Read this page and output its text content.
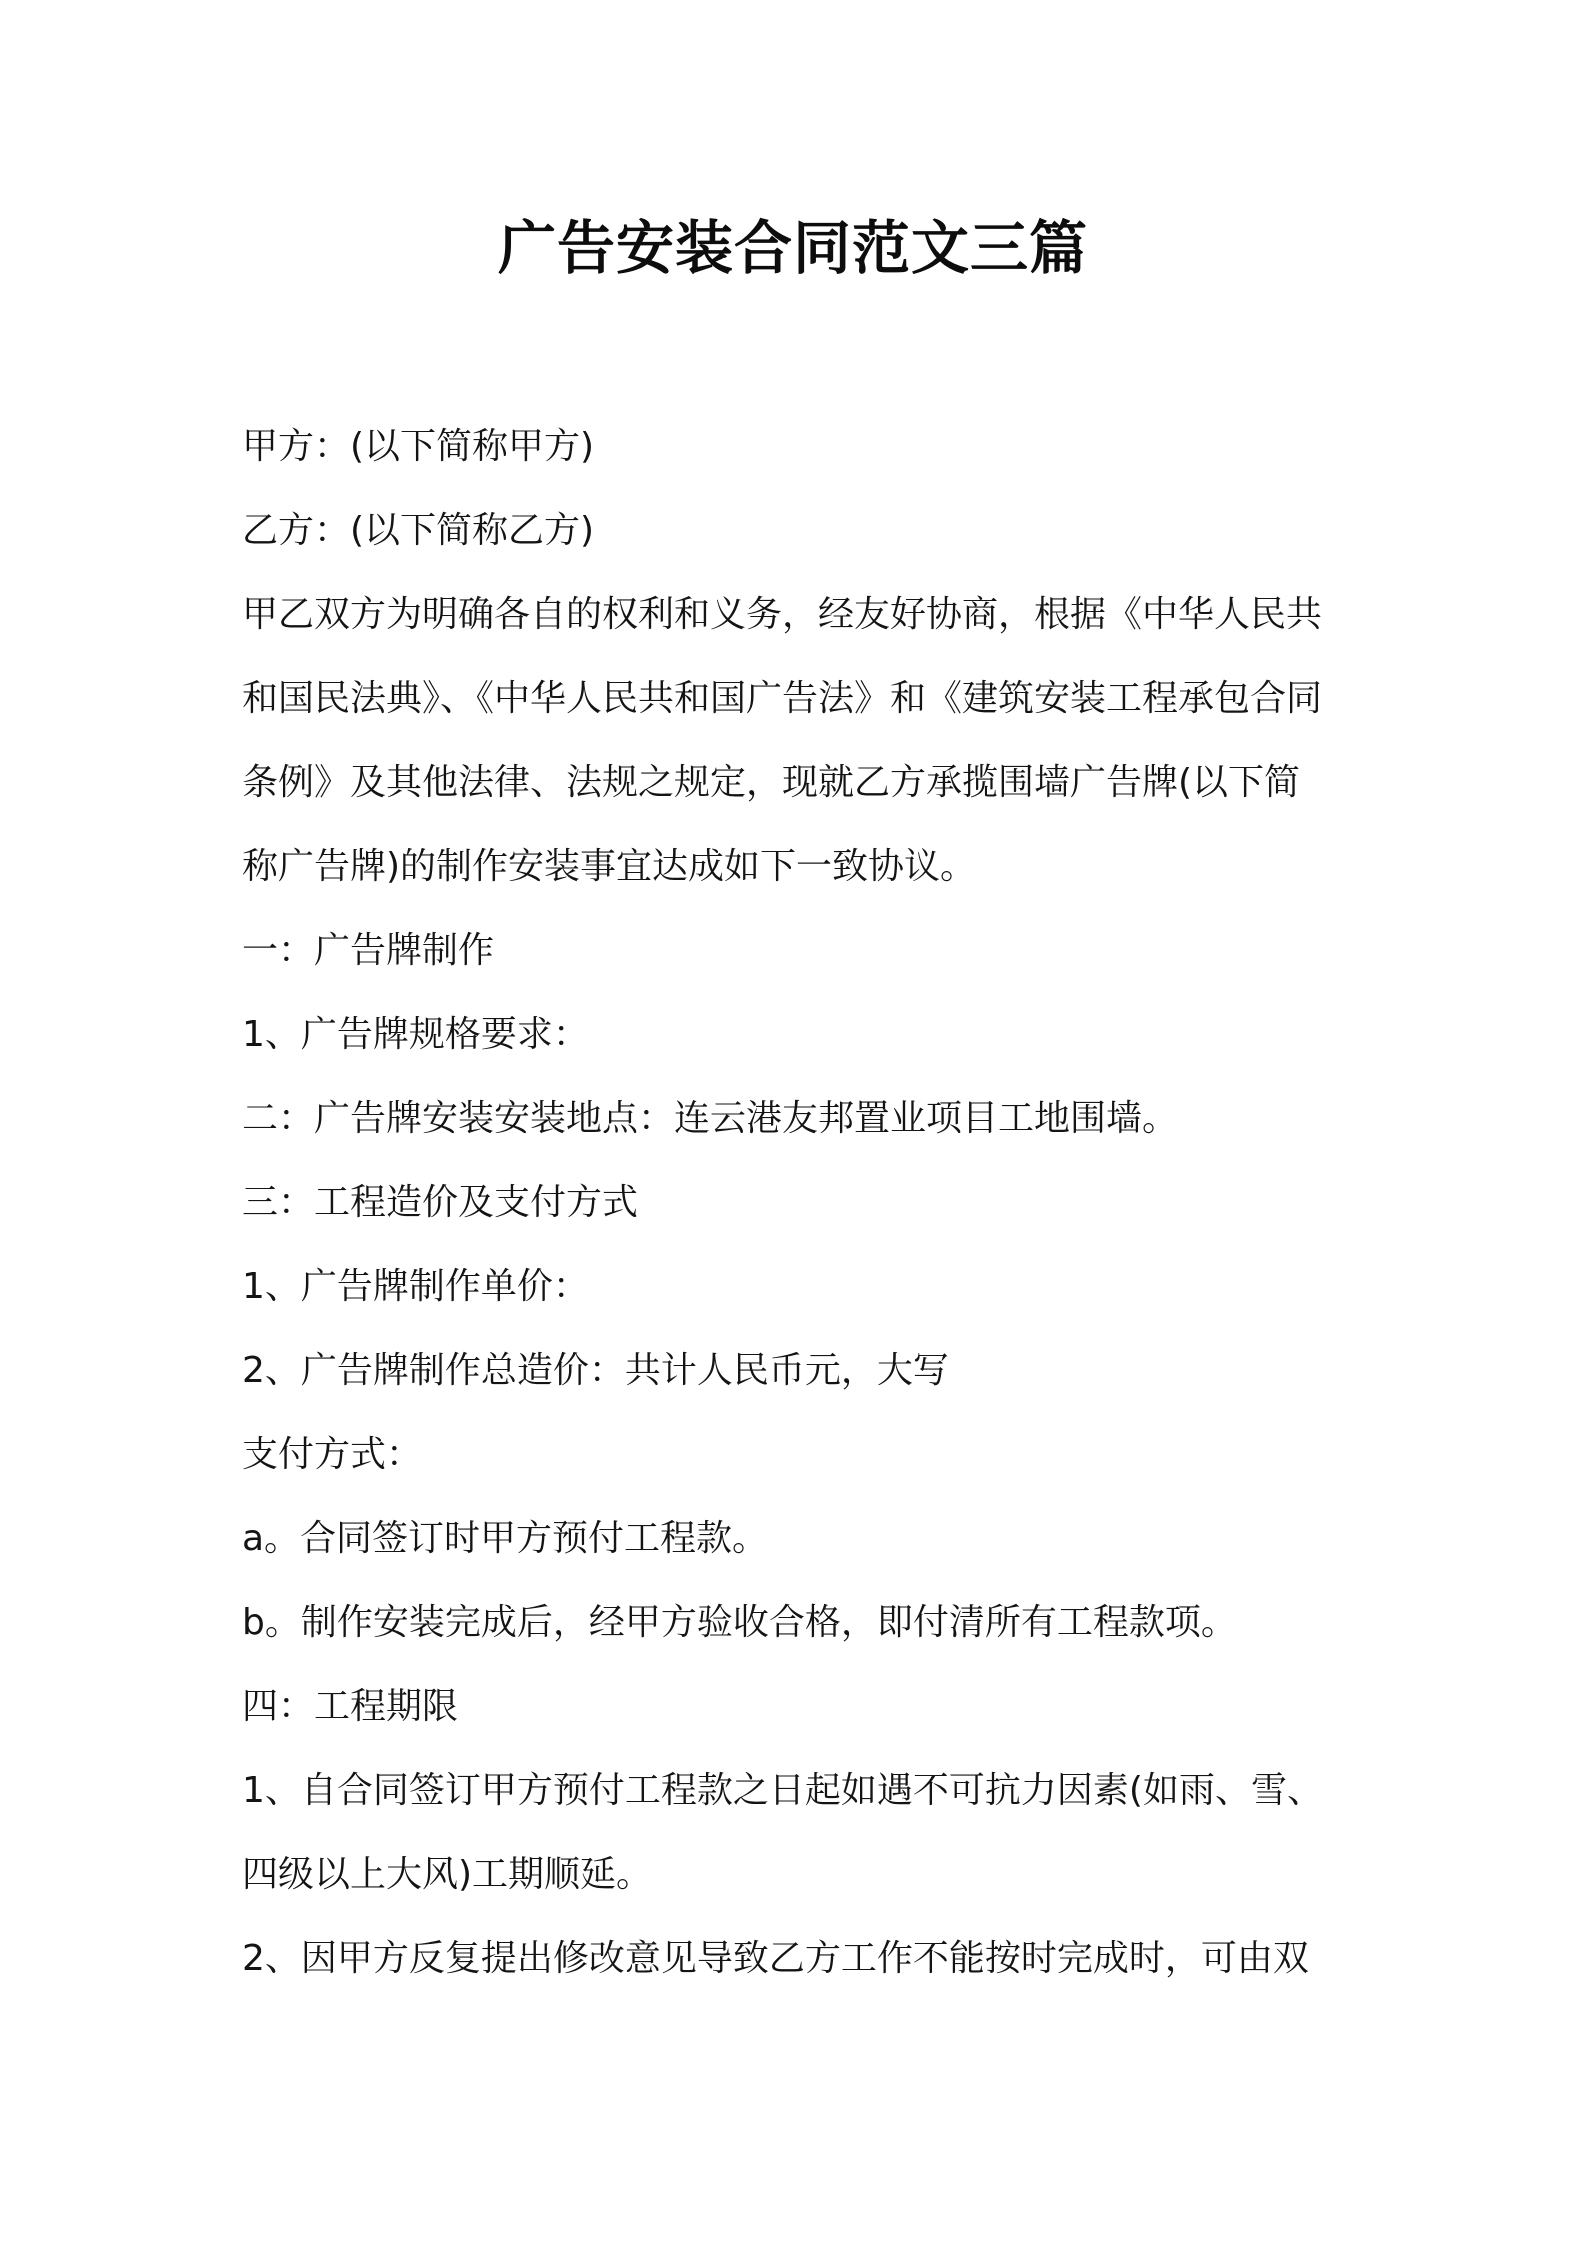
广告安装合同范文三篇

甲方：(以下简称甲方)

乙方：(以下简称乙方)

甲乙双方为明确各自的权利和义务，经友好协商，根据《中华人民共

和国民法典》、《中华人民共和国广告法》和《建筑安装工程承包合同

条例》及其他法律、法规之规定，现就乙方承揽围墙广告牌(以下简

称广告牌)的制作安装事宜达成如下一致协议。

一：广告牌制作

1、广告牌规格要求：

二：广告牌安装安装地点：连云港友邦置业项目工地围墙。

三：工程造价及支付方式

1、广告牌制作单价：

2、广告牌制作总造价：共计人民币元，大写

支付方式：

a。合同签订时甲方预付工程款。

b。制作安装完成后，经甲方验收合格，即付清所有工程款项。

四：工程期限

1、自合同签订甲方预付工程款之日起如遇不可抗力因素(如雨、雪、

四级以上大风)工期顺延。

2、因甲方反复提出修改意见导致乙方工作不能按时完成时，可由双
